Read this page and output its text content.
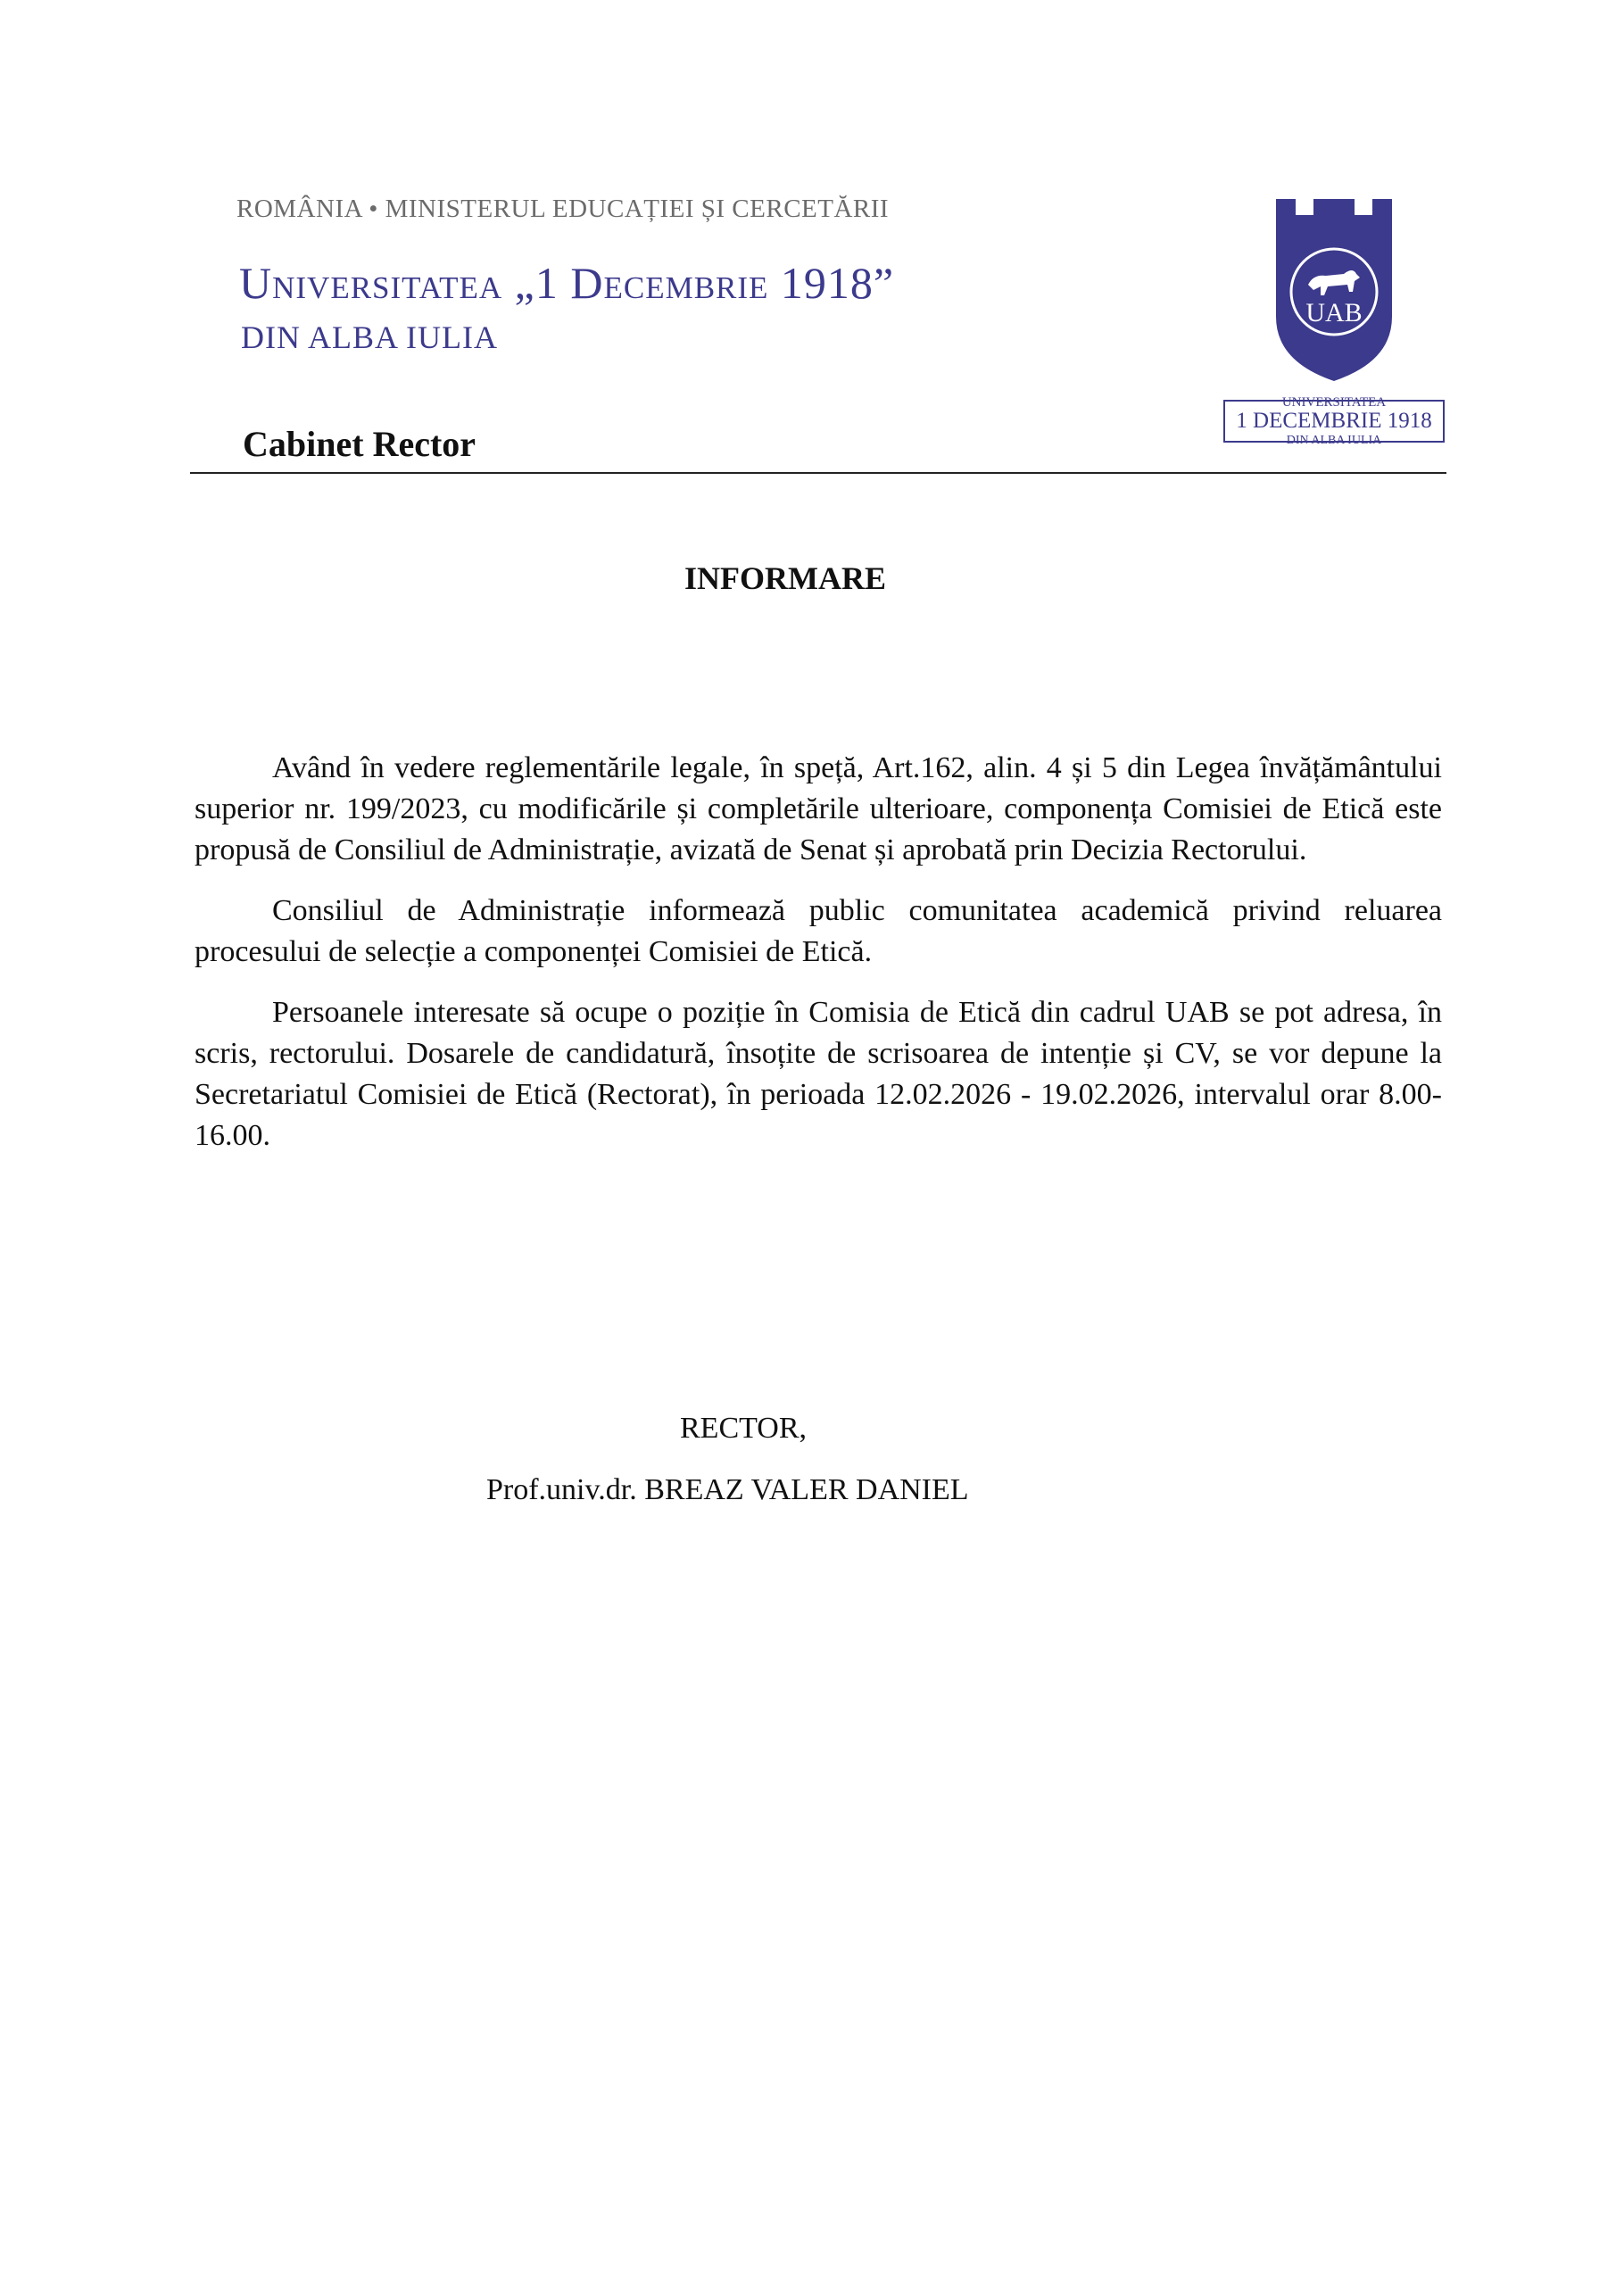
ROMÂNIA • MINISTERUL EDUCAȚIEI ȘI CERCETĂRII
Universitatea „1 Decembrie 1918”
DIN ALBA IULIA
Cabinet Rector
UAB
UNIVERSITATEA
1 DECEMBRIE 1918
DIN ALBA IULIA
INFORMARE

Având în vedere reglementările legale, în speță, Art.162, alin. 4 și 5 din Legea învățământului superior nr. 199/2023, cu modificările și completările ulterioare, componența Comisiei de Etică este propusă de Consiliul de Administrație, avizată de Senat și aprobată prin Decizia Rectorului.

Consiliul de Administrație informează public comunitatea academică privind reluarea procesului de selecție a componenței Comisiei de Etică.

Persoanele interesate să ocupe o poziție în Comisia de Etică din cadrul UAB se pot adresa, în scris, rectorului. Dosarele de candidatură, însoțite de scrisoarea de intenție și CV, se vor depune la Secretariatul Comisiei de Etică (Rectorat), în perioada 12.02.2026 - 19.02.2026, intervalul orar 8.00-16.00.

RECTOR,
Prof.univ.dr. BREAZ VALER DANIEL
